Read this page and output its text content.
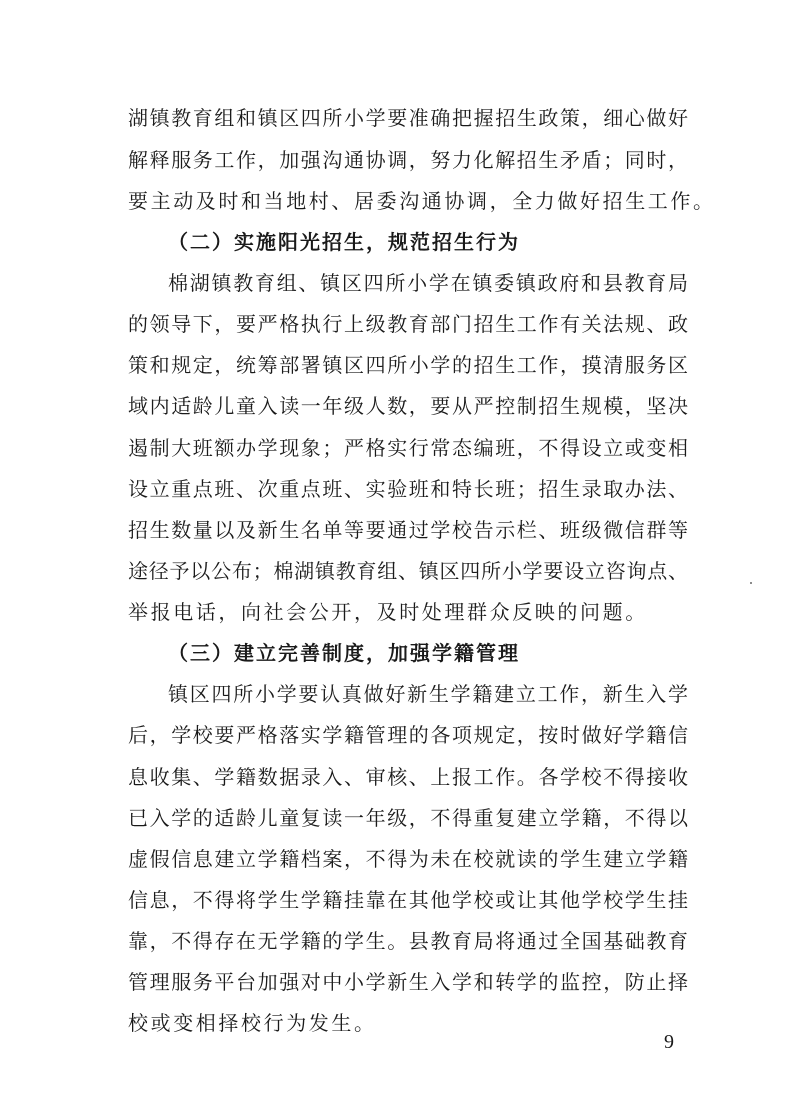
湖镇教育组和镇区四所小学要准确把握招生政策，细心做好
解释服务工作，加强沟通协调，努力化解招生矛盾；同时，
要主动及时和当地村、居委沟通协调，全力做好招生工作。
（二）实施阳光招生，规范招生行为
棉湖镇教育组、镇区四所小学在镇委镇政府和县教育局
的领导下，要严格执行上级教育部门招生工作有关法规、政
策和规定，统筹部署镇区四所小学的招生工作，摸清服务区
域内适龄儿童入读一年级人数，要从严控制招生规模，坚决
遏制大班额办学现象；严格实行常态编班，不得设立或变相
设立重点班、次重点班、实验班和特长班；招生录取办法、
招生数量以及新生名单等要通过学校告示栏、班级微信群等
途径予以公布；棉湖镇教育组、镇区四所小学要设立咨询点、
举报电话，向社会公开，及时处理群众反映的问题。
（三）建立完善制度，加强学籍管理
镇区四所小学要认真做好新生学籍建立工作，新生入学
后，学校要严格落实学籍管理的各项规定，按时做好学籍信
息收集、学籍数据录入、审核、上报工作。各学校不得接收
已入学的适龄儿童复读一年级，不得重复建立学籍，不得以
虚假信息建立学籍档案，不得为未在校就读的学生建立学籍
信息，不得将学生学籍挂靠在其他学校或让其他学校学生挂
靠，不得存在无学籍的学生。县教育局将通过全国基础教育
管理服务平台加强对中小学新生入学和转学的监控，防止择
校或变相择校行为发生。
9
